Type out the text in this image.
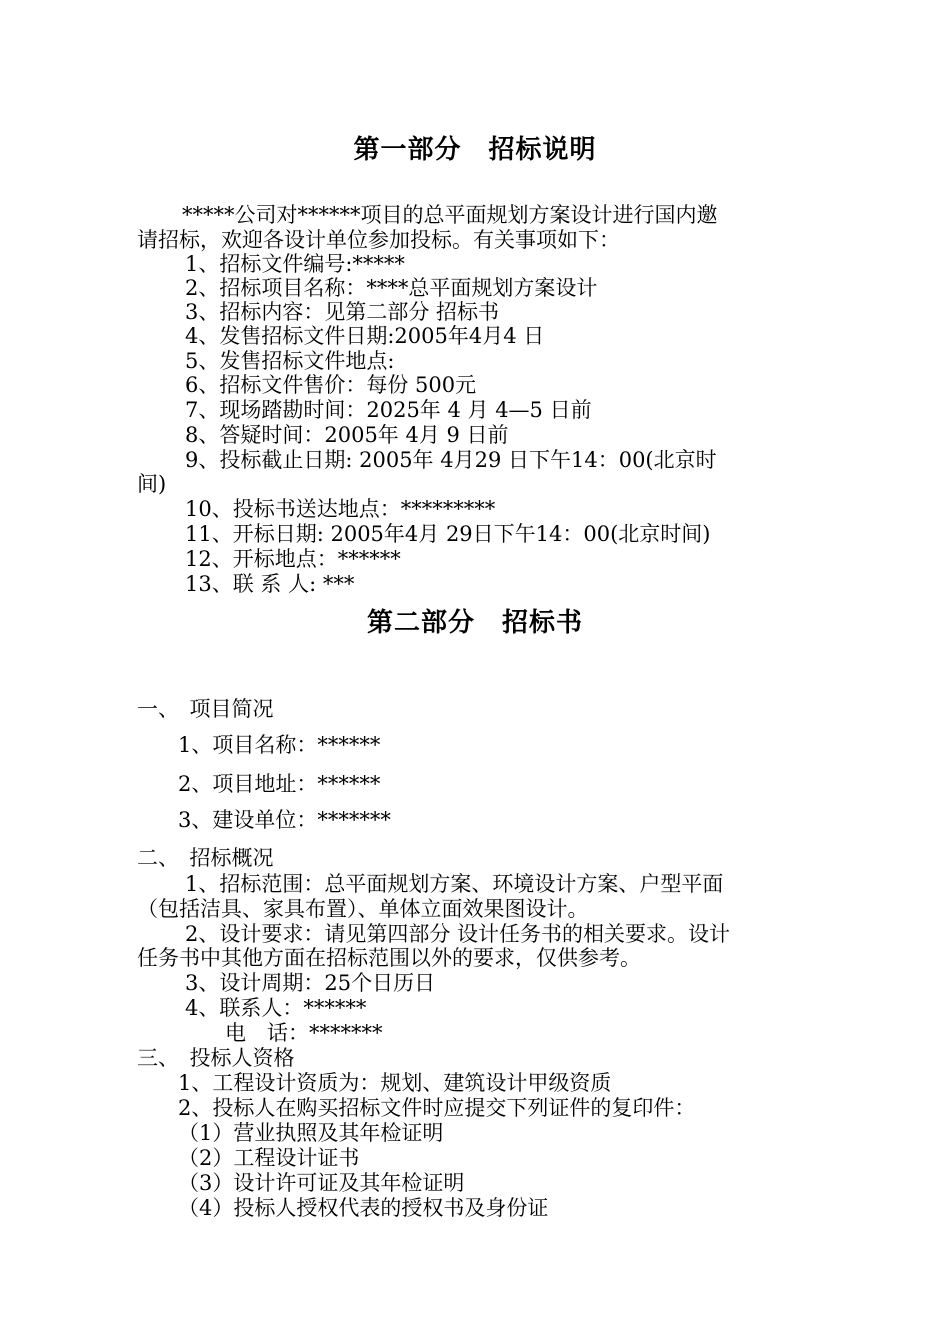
第一部分　招标说明
*****公司对******项目的总平面规划方案设计进行国内邀
请招标，欢迎各设计单位参加投标。有关事项如下：
1、招标文件编号:*****
2、招标项目名称：****总平面规划方案设计
3、招标内容：见第二部分 招标书
4、发售招标文件日期:2005年4月4 日
5、发售招标文件地点:
6、招标文件售价：每份 500元
7、现场踏勘时间：2025年 4 月 4—5 日前
8、答疑时间：2005年 4月 9 日前
9、投标截止日期: 2005年 4月29 日下午14：00(北京时
间)
10、投标书送达地点：*********
11、开标日期: 2005年4月 29日下午14：00(北京时间)
12、开标地点：******
13、联 系 人: ***
第二部分　招标书
一、　项目简况
1、项目名称：******
2、项目地址：******
3、建设单位：*******
二、　招标概况
1、招标范围：总平面规划方案、环境设计方案、户型平面
（包括洁具、家具布置）、单体立面效果图设计。
2、设计要求：请见第四部分 设计任务书的相关要求。设计
任务书中其他方面在招标范围以外的要求，仅供参考。
3、设计周期：25个日历日
4、联系人：******
电　话：*******
三、　投标人资格
1、工程设计资质为：规划、建筑设计甲级资质
2、投标人在购买招标文件时应提交下列证件的复印件：
（1）营业执照及其年检证明
（2）工程设计证书
（3）设计许可证及其年检证明
（4）投标人授权代表的授权书及身份证
